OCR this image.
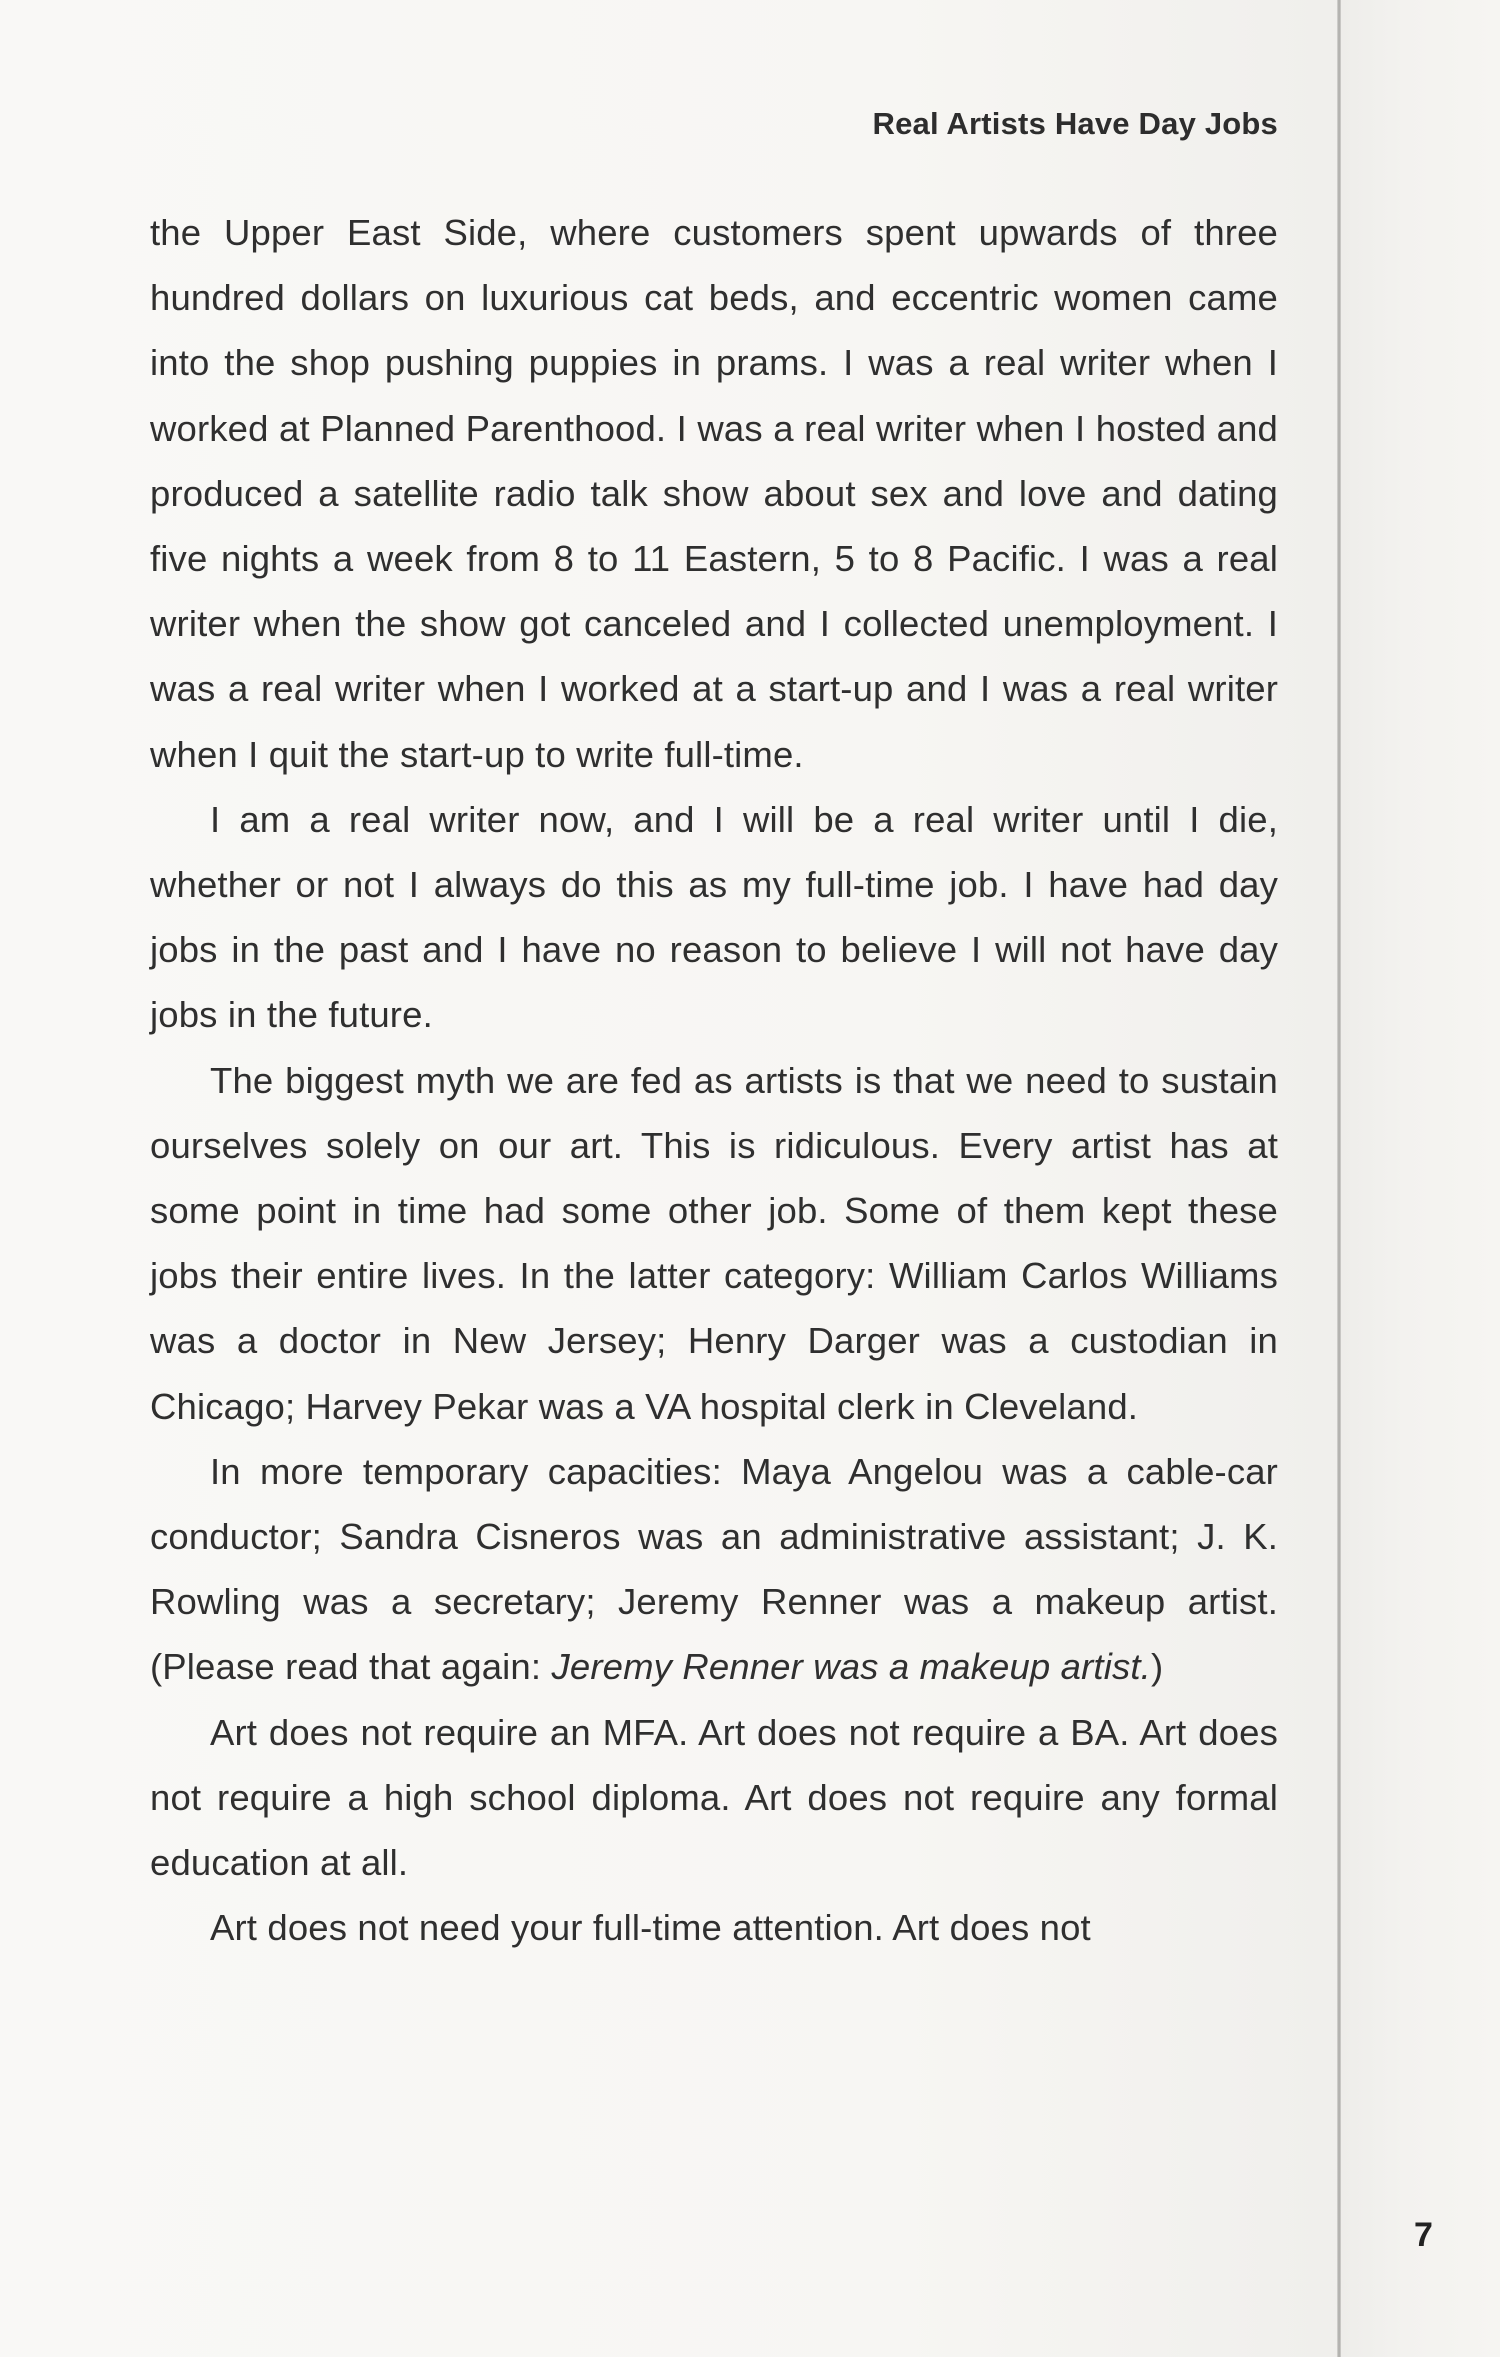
Real Artists Have Day Jobs

the Upper East Side, where customers spent upwards of three hundred dollars on luxurious cat beds, and eccentric women came into the shop pushing puppies in prams. I was a real writer when I worked at Planned Parenthood. I was a real writer when I hosted and produced a satellite radio talk show about sex and love and dating five nights a week from 8 to 11 Eastern, 5 to 8 Pacific. I was a real writer when the show got canceled and I collected unemployment. I was a real writer when I worked at a start-up and I was a real writer when I quit the start-up to write full-time.

I am a real writer now, and I will be a real writer until I die, whether or not I always do this as my full-time job. I have had day jobs in the past and I have no reason to believe I will not have day jobs in the future.

The biggest myth we are fed as artists is that we need to sustain ourselves solely on our art. This is ridiculous. Every artist has at some point in time had some other job. Some of them kept these jobs their entire lives. In the latter category: William Carlos Williams was a doctor in New Jersey; Henry Darger was a custodian in Chicago; Harvey Pekar was a VA hospital clerk in Cleveland.

In more temporary capacities: Maya Angelou was a cable-car conductor; Sandra Cisneros was an administrative assistant; J. K. Rowling was a secretary; Jeremy Renner was a makeup artist. (Please read that again: Jeremy Renner was a makeup artist.)

Art does not require an MFA. Art does not require a BA. Art does not require a high school diploma. Art does not require any formal education at all.

Art does not need your full-time attention. Art does not

7
